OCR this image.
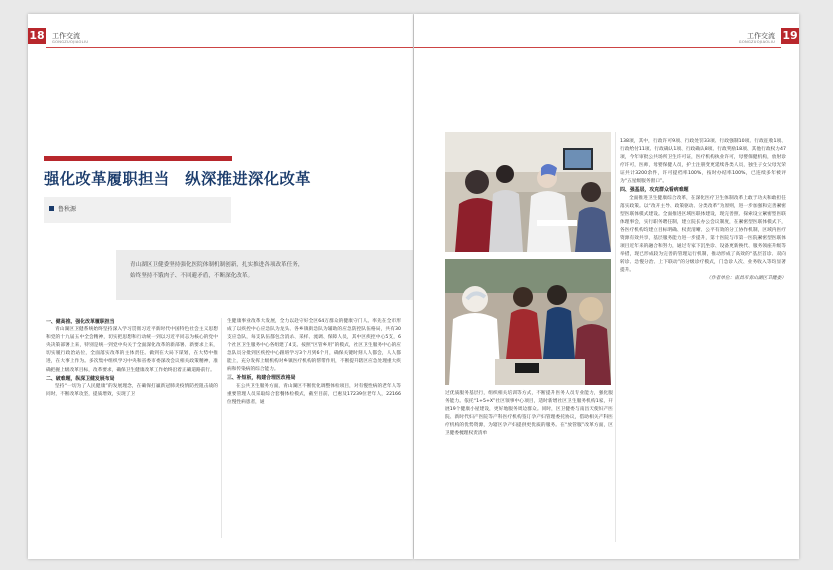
18 工作交流
GONGZUOJIAOLIU
强化改革履职担当　纵深推进深化改革
鲁秋源
青山湖区卫健委坚持强化医院体制机制创新，扎实推进各项改革任务，始终坚持不饿肉子、不回避矛盾，不断深化改革。

一、健高推、强化改革履职担当

青山湖区卫健系统始终坚持深入学习贯彻习近平新时代中国特色社会主义思想和党的十九届五中全会精神，切实把思想和行动统一到以习近平同志为核心的党中央决策部署上来，特别是统一到党中央关于全面深化改革的新部署、新要求上来，切实履行政治站位，全面落实改革的主体责任。做到在大局下谋划，在大势中推进，在大事上作为。多次集中组织学习中央和省委市委深改会议相关政策精神，准确把握上级改革目标，改革要求，确保卫生健康改革工作始终沿着正确道路前行。

二、破难题，纵深卫健发展布局

坚持“一切为了人民健康”的发展理念，在确保打赢新冠肺炎疫情防控阻击战的同时，不断改革攻坚，提质增效，实现了卫

生健康事业改革大发展，全力以赴守好全区64万群众的健康守门人。率先在全市形成了以疾控中心应急队为龙头、各乡镇街急队为辅助的应急防控队伍格局，共有30支应急队，每支队伍都包含消杀、采样、流调、保障人员，其中区疾控中心5支，6个社区卫生服务中心各组建了4支。按照“区管乡用”的模式，社区卫生服务中心的应急队员分批到区疾控中心跟班学习3个月到6个月，确保关键时刻人人都会，人人都能上，充分发挥上级机构对乡镇医疗机构的帮带作用，不断提升辖区应急处理重大疾病和传染病的综合能力。

三、补短板，构建合理医改格局

在公共卫生服务方面，青山湖区不断优化调整体检项目，对有慢性病的老年人等重要管理人员采取综合套餐体检模式，截至目前，已惠及17239位老年人，22166位慢性病患者，通

19
工作交流
GONGZUOJIAOLIU

过优质服务基层行，组织相关培训等方式，不断提升医务人员专业能力，强化服务能力。依托“1+5+X”社区领事中心项目，适时新增社区卫生服务机构1家，开展19个健康小屋建设，更好地服务周边群众。同时，区卫健委与南昌天使妇产医院、新时代妇产医院等产科医疗机构签订孕产妇管理委托协议，借助相关产科医疗机构的优势资源，为辖区孕产妇提供更优质的服务。在“放管服”改革方面，区卫健委梳理权责清单

138项，其中，行政许可9项、行政处罚33项、行政强制10项、行政征收1项、行政给付11项、行政确认1项、行政确认8项、行政奖励18项、其他行政权力47项，今年审批公共场所卫生许可证，医疗机构执业许可，母婴保健机构，放射诊疗许可，医师，母婴保健人员，护士注册变更延续各类人员，独生子女父母光荣证共计3200余件，许可提档率100%，按时办结率100%，已连续多年被评为“五星级服务窗口”。

四、强基层，攻克群众看病难题

全面推进卫生健康综合改革，在深化医疗卫生体制改革上敢于功夫和敢担任落实政策。以“改开主导、政策驱动、分类改革”为原则，进一步加强和完善紧密型医联体模式建设。全面推进区域医联体建设，现完善照、探索设立紧密型医联体理事会，实行职务聘任制，建立院长办公会议制度，在紧密型医联体模式下，各医疗机构均建立目标明确、权责清晰、公平有效的分工协作机制，区域内医疗资源有效共享，基层服务能力进一步提升，第十医院与市第一医院紧密型医联体项目近年来的融合和努力，通过专家下沉坐诊、设备更新换代、服务领座升级等举措，现已形成较为完善的管理运行机制，推动形成了高效的“基层首诊、双向转诊、急慢分治、上下联动”的分级诊疗模式，门急诊人次、业务收入等均显著提升。

（作者单位：南昌市青山湖区卫健委）
